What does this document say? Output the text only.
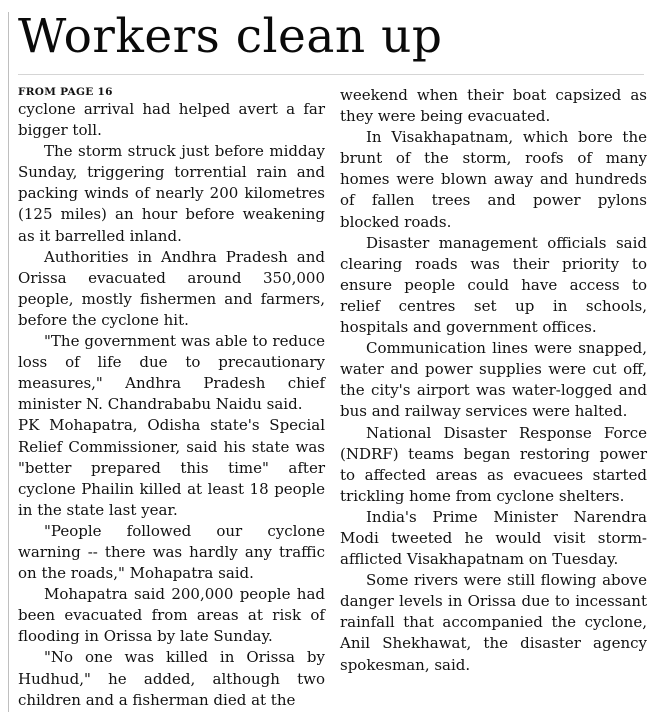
Workers clean up
FROM PAGE 16

cyclone arrival had helped avert a far bigger toll.

The storm struck just before midday Sunday, triggering torrential rain and packing winds of nearly 200 kilometres (125 miles) an hour before weakening as it barrelled inland.

Authorities in Andhra Pradesh and Orissa evacuated around 350,000 people, mostly fishermen and farmers, before the cyclone hit.

"The government was able to reduce loss of life due to precautionary measures," Andhra Pradesh chief minister N. Chandrababu Naidu said.

PK Mohapatra, Odisha state's Special Relief Commissioner, said his state was "better prepared this time" after cyclone Phailin killed at least 18 people in the state last year.

"People followed our cyclone warning -- there was hardly any traffic on the roads," Mohapatra said.

Mohapatra said 200,000 people had been evacuated from areas at risk of flooding in Orissa by late Sunday.

"No one was killed in Orissa by Hudhud," he added, although two children and a fisherman died at the

weekend when their boat capsized as they were being evacuated.

In Visakhapatnam, which bore the brunt of the storm, roofs of many homes were blown away and hundreds of fallen trees and power pylons blocked roads.

Disaster management officials said clearing roads was their priority to ensure people could have access to relief centres set up in schools, hospitals and government offices.

Communication lines were snapped, water and power supplies were cut off, the city's airport was water-logged and bus and railway services were halted.

National Disaster Response Force (NDRF) teams began restoring power to affected areas as evacuees started trickling home from cyclone shelters.

India's Prime Minister Narendra Modi tweeted he would visit storm-afflicted Visakhapatnam on Tuesday.

Some rivers were still flowing above danger levels in Orissa due to incessant rainfall that accompanied the cyclone, Anil Shekhawat, the disaster agency spokesman, said.
